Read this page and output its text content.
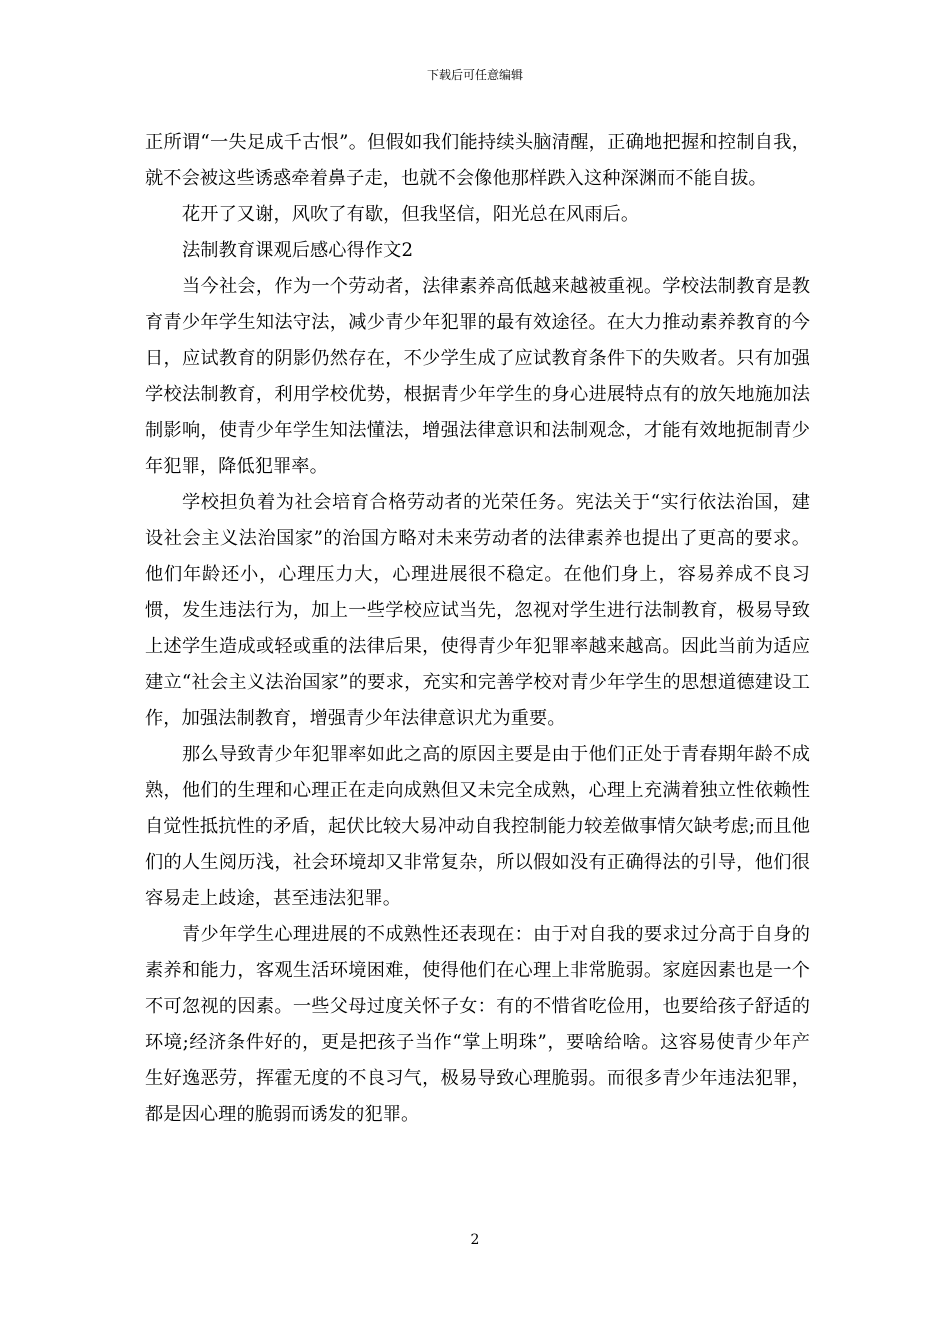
下载后可任意编辑

正所谓“一失足成千古恨”。但假如我们能持续头脑清醒，正确地把握和控制自我，就不会被这些诱惑牵着鼻子走，也就不会像他那样跌入这种深渊而不能自拔。

花开了又谢，风吹了有歇，但我坚信，阳光总在风雨后。

法制教育课观后感心得作文2

当今社会，作为一个劳动者，法律素养高低越来越被重视。学校法制教育是教育青少年学生知法守法，减少青少年犯罪的最有效途径。在大力推动素养教育的今日，应试教育的阴影仍然存在，不少学生成了应试教育条件下的失败者。只有加强学校法制教育，利用学校优势，根据青少年学生的身心进展特点有的放矢地施加法制影响，使青少年学生知法懂法，增强法律意识和法制观念，才能有效地扼制青少年犯罪，降低犯罪率。

学校担负着为社会培育合格劳动者的光荣任务。宪法关于“实行依法治国，建设社会主义法治国家”的治国方略对未来劳动者的法律素养也提出了更高的要求。他们年龄还小，心理压力大，心理进展很不稳定。在他们身上，容易养成不良习惯，发生违法行为，加上一些学校应试当先，忽视对学生进行法制教育，极易导致上述学生造成或轻或重的法律后果，使得青少年犯罪率越来越高。因此当前为适应建立“社会主义法治国家”的要求，充实和完善学校对青少年学生的思想道德建设工作，加强法制教育，增强青少年法律意识尤为重要。

那么导致青少年犯罪率如此之高的原因主要是由于他们正处于青春期年龄不成熟，他们的生理和心理正在走向成熟但又未完全成熟，心理上充满着独立性依赖性自觉性抵抗性的矛盾，起伏比较大易冲动自我控制能力较差做事情欠缺考虑;而且他们的人生阅历浅，社会环境却又非常复杂，所以假如没有正确得法的引导，他们很容易走上歧途，甚至违法犯罪。

青少年学生心理进展的不成熟性还表现在：由于对自我的要求过分高于自身的素养和能力，客观生活环境困难，使得他们在心理上非常脆弱。家庭因素也是一个不可忽视的因素。一些父母过度关怀子女：有的不惜省吃俭用，也要给孩子舒适的环境;经济条件好的，更是把孩子当作“掌上明珠”，要啥给啥。这容易使青少年产生好逸恶劳，挥霍无度的不良习气，极易导致心理脆弱。而很多青少年违法犯罪，都是因心理的脆弱而诱发的犯罪。

2
